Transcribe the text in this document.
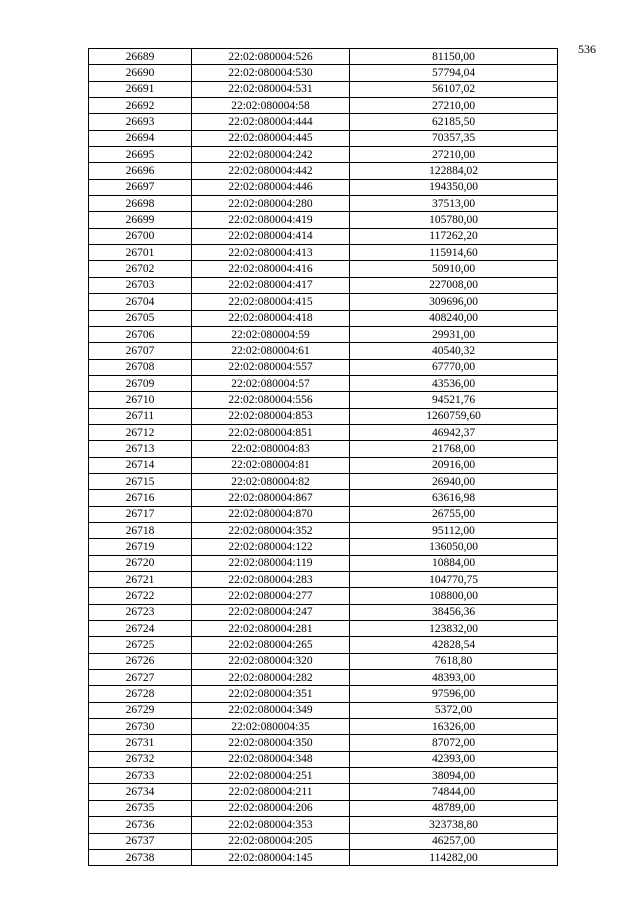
536
26689	22:02:080004:526	81150,00
26690	22:02:080004:530	57794,04
26691	22:02:080004:531	56107,02
26692	22:02:080004:58	27210,00
26693	22:02:080004:444	62185,50
26694	22:02:080004:445	70357,35
26695	22:02:080004:242	27210,00
26696	22:02:080004:442	122884,02
26697	22:02:080004:446	194350,00
26698	22:02:080004:280	37513,00
26699	22:02:080004:419	105780,00
26700	22:02:080004:414	117262,20
26701	22:02:080004:413	115914,60
26702	22:02:080004:416	50910,00
26703	22:02:080004:417	227008,00
26704	22:02:080004:415	309696,00
26705	22:02:080004:418	408240,00
26706	22:02:080004:59	29931,00
26707	22:02:080004:61	40540,32
26708	22:02:080004:557	67770,00
26709	22:02:080004:57	43536,00
26710	22:02:080004:556	94521,76
26711	22:02:080004:853	1260759,60
26712	22:02:080004:851	46942,37
26713	22:02:080004:83	21768,00
26714	22:02:080004:81	20916,00
26715	22:02:080004:82	26940,00
26716	22:02:080004:867	63616,98
26717	22:02:080004:870	26755,00
26718	22:02:080004:352	95112,00
26719	22:02:080004:122	136050,00
26720	22:02:080004:119	10884,00
26721	22:02:080004:283	104770,75
26722	22:02:080004:277	108800,00
26723	22:02:080004:247	38456,36
26724	22:02:080004:281	123832,00
26725	22:02:080004:265	42828,54
26726	22:02:080004:320	7618,80
26727	22:02:080004:282	48393,00
26728	22:02:080004:351	97596,00
26729	22:02:080004:349	5372,00
26730	22:02:080004:35	16326,00
26731	22:02:080004:350	87072,00
26732	22:02:080004:348	42393,00
26733	22:02:080004:251	38094,00
26734	22:02:080004:211	74844,00
26735	22:02:080004:206	48789,00
26736	22:02:080004:353	323738,80
26737	22:02:080004:205	46257,00
26738	22:02:080004:145	114282,00
